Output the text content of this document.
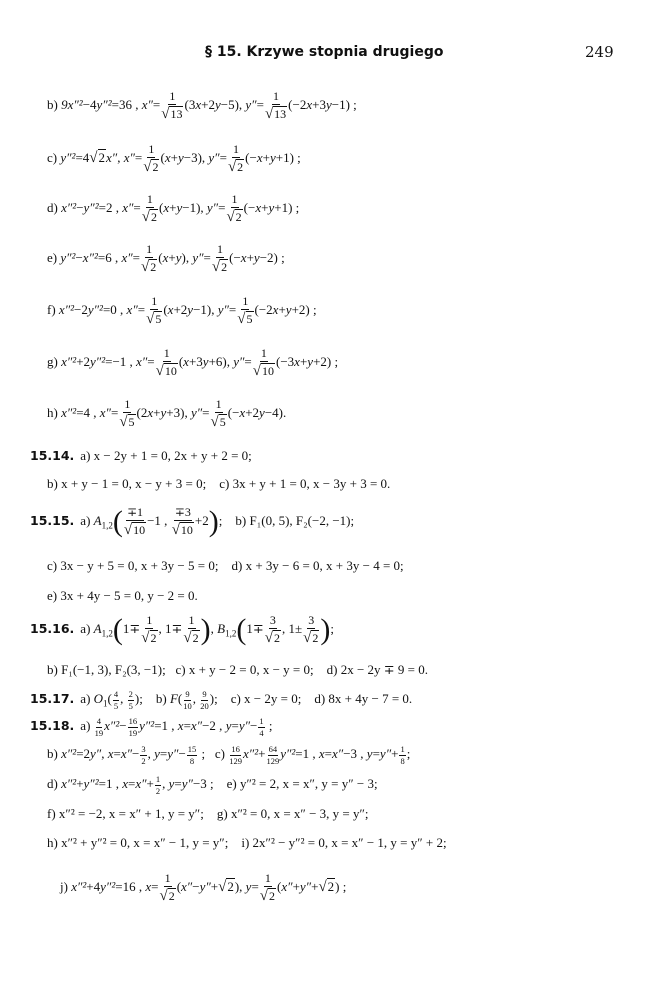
§ 15. Krzywe stopnia drugiego	249
b) 9x″²−4y″²=36 , $x''= \frac{1}{√13} (3x+2y-5)$, $y''= \frac{1}{√13} (-2x+3y-1)$ ;
c) y″²=4√2x″, $x''= \frac{1}{√2} (x+y-3)$, $y''= \frac{1}{√2} (-x+y+1)$ ;
d) x″²−y″²=2 , $x''= \frac{1}{√2} (x+y-1)$, $y''= \frac{1}{√2} (-x+y+1)$ ;
e) y″²−x″²=6 , $x''= \frac{1}{√2} (x+y)$, $y''= \frac{1}{√2} (-x+y-2)$ ;
f) x″²−2y″²=0 , $x''= \frac{1}{√5} (x+2y-1)$, $y''= \frac{1}{√5} (-2x+y+2)$ ;
g) x″²+2y″²=−1 , $x''= \frac{1}{√10} (x+3y+6)$, $y''= \frac{1}{√10} (-3x+y+2)$ ;
h) x″²=4 , $x''= \frac{1}{√5} (2x+y+3)$, $y''= \frac{1}{√5} (-x+2y-4)$.
15.14. a) x − 2y + 1 = 0, 2x + y + 2 = 0;
b) x + y − 1 = 0, x − y + 3 = 0; c) 3x + y + 1 = 0, x − 3y + 3 = 0.
15.15. a) $A_{1,2}( \frac{\mp 1}{√10} -1$ , $\frac{\mp 3}{√10} +2$);    b) F₁(0, 5), F₂(−2, −1);
c) 3x − y + 5 = 0, x + 3y − 5 = 0; d) x + 3y − 6 = 0, x + 3y − 4 = 0;
e) 3x + 4y − 5 = 0, y − 2 = 0.
15.16. a) $A_{1,2}(1\mp \frac{1}{√2}$ , $1\mp \frac{1}{√2}$ ), $B_{1,2}(1\mp \frac{3}{√2}$ , $1\pm \frac{3}{√2}$ );
b) F₁(−1, 3), F₂(3, −1); c) x + y − 2 = 0, x − y = 0; d) 2x − 2y ∓ 9 = 0.
15.17. a) $O_1( \frac{4}{5}$ , $\frac{2}{5}$ );    b) $F( \frac{9}{10}$ , $\frac{9}{20}$ );    c) x − 2y = 0; d) 8x + 4y − 7 = 0.
15.18. $a) \frac{4}{19} x''^2- \frac{16}{19} y''^2=1$ , x=x″−2 , $y=y''- \frac{1}{4}$ ;
b) x″²=2y″, $x=x''- \frac{3}{2}$ , $y=y''- \frac{15}{8}$ ;   $c) \frac{16}{129} x''^2+ \frac{64}{129} y''^2=1$ , x=x″−3 , $y=y''+ \frac{1}{8}$ ;
d) x″²+y″²=1 , $x=x''+ \frac{1}{2}$ , y=y″−3 ;    e) y″² = 2, x = x″, y = y″ − 3;
f) x″² = −2, x = x″ + 1, y = y″; g) x″² = 0, x = x″ − 3, y = y″;
h) x″² + y″² = 0, x = x″ − 1, y = y″; i) 2x″² − y″² = 0, x = x″ − 1, y = y″ + 2;
j) x″²+4y″²=16 , $x= \frac{1}{√2} (x''-y''+√2)$, $y= \frac{1}{√2} (x''+y''+√2)$ ;
